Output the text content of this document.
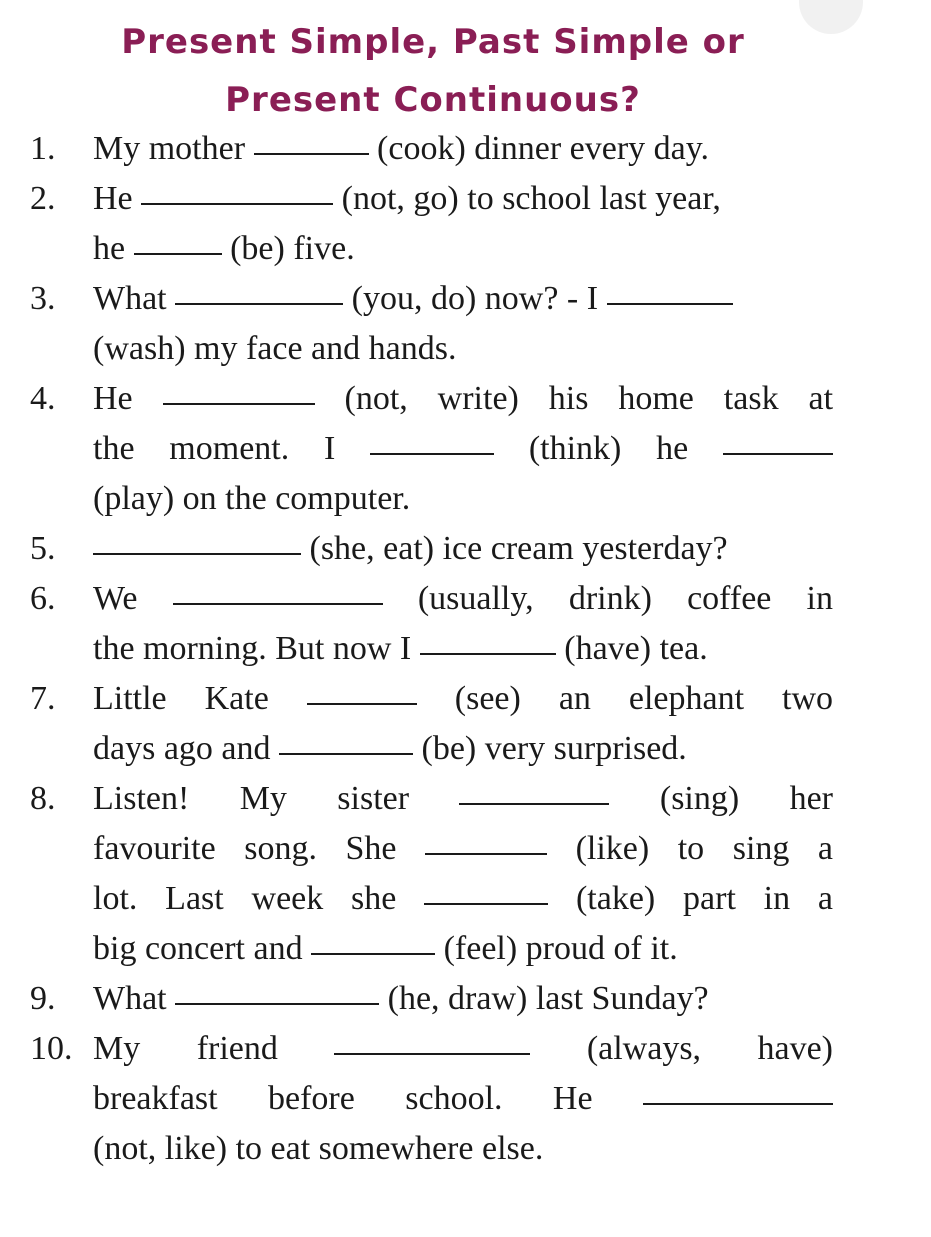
Present Simple, Past Simple or
Present Continuous?
1. My mother	(cook) dinner every day.
2. He	(not, go) to school last year,
he	(be) five.
3. What	(you, do) now? - I
(wash) my face and hands.
4. He	(not, write) his home task at
the moment. I	(think) he
(play) on the computer.
5.	(she, eat) ice cream yesterday?
6. We	(usually, drink) coffee in
the morning. But now I	(have) tea.
7. Little Kate	(see) an elephant two
days ago and	(be) very surprised.
8. Listen! My sister	(sing) her
favourite song. She	(like) to sing a
lot. Last week she	(take) part in a
big concert and	(feel) proud of it.
9. What	(he, draw) last Sunday?
10. My friend	(always, have)
breakfast before school. He
(not, like) to eat somewhere else.
